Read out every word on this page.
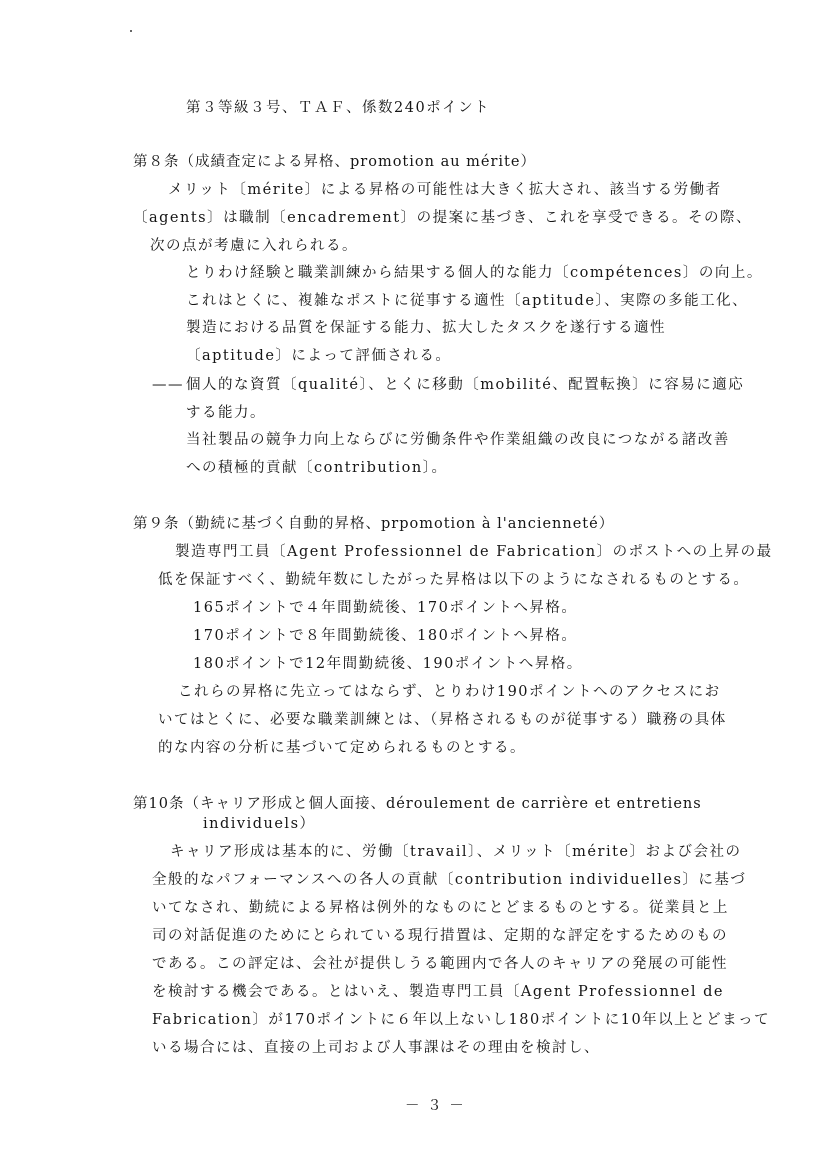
第３等級３号、ＴＡＦ、係数240ポイント

第８条（成績査定による昇格、promotion au mérite）

メリット〔mérite〕による昇格の可能性は大きく拡大され、該当する労働者

〔agents〕は職制〔encadrement〕の提案に基づき、これを享受できる。その際、

次の点が考慮に入れられる。

とりわけ経験と職業訓練から結果する個人的な能力〔compétences〕の向上。

これはとくに、複雑なポストに従事する適性〔aptitude〕、実際の多能工化、

製造における品質を保証する能力、拡大したタスクを遂行する適性

〔aptitude〕によって評価される。

—— 個人的な資質〔qualité〕、とくに移動〔mobilité、配置転換〕に容易に適応

する能力。

当社製品の競争力向上ならびに労働条件や作業組織の改良につながる諸改善

への積極的貢献〔contribution〕。

第９条（勤続に基づく自動的昇格、prpomotion à l'ancienneté）

製造専門工員〔Agent Professionnel de Fabrication〕のポストへの上昇の最

低を保証すべく、勤続年数にしたがった昇格は以下のようになされるものとする。

165ポイントで４年間勤続後、170ポイントへ昇格。

170ポイントで８年間勤続後、180ポイントへ昇格。

180ポイントで12年間勤続後、190ポイントへ昇格。

これらの昇格に先立ってはならず、とりわけ190ポイントへのアクセスにお

いてはとくに、必要な職業訓練とは、（昇格されるものが従事する）職務の具体

的な内容の分析に基づいて定められるものとする。

第10条（キャリア形成と個人面接、déroulement de carrière et entretiens

individuels）

キャリア形成は基本的に、労働〔travail〕、メリット〔mérite〕および会社の

全般的なパフォーマンスへの各人の貢献〔contribution individuelles〕に基づ

いてなされ、勤続による昇格は例外的なものにとどまるものとする。従業員と上

司の対話促進のためにとられている現行措置は、定期的な評定をするためのもの

である。この評定は、会社が提供しうる範囲内で各人のキャリアの発展の可能性

を検討する機会である。とはいえ、製造専門工員〔Agent Professionnel de

Fabrication〕が170ポイントに６年以上ないし180ポイントに10年以上とどまって

いる場合には、直接の上司および人事課はその理由を検討し、

－ ３ －
